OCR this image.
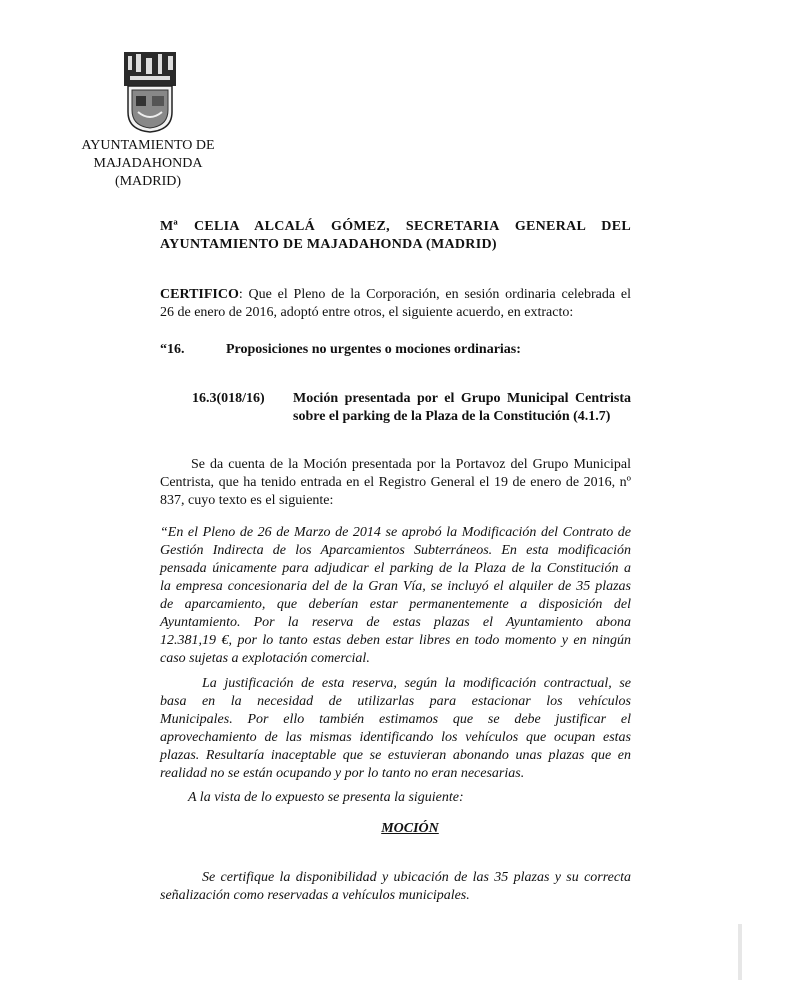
AYUNTAMIENTO DE
MAJADAHONDA
(MADRID)
Mª CELIA ALCALÁ GÓMEZ, SECRETARIA GENERAL DEL
AYUNTAMIENTO DE MAJADAHONDA (MADRID)
CERTIFICO: Que el Pleno de la Corporación, en sesión ordinaria celebrada el
26 de enero de 2016, adoptó entre otros, el siguiente acuerdo, en extracto:
“16.	Proposiciones no urgentes o mociones ordinarias:
16.3(018/16) Moción presentada por el Grupo Municipal Centrista
sobre el parking de la Plaza de la Constitución (4.1.7)
Se da cuenta de la Moción presentada por la Portavoz del Grupo Municipal
Centrista, que ha tenido entrada en el Registro General el 19 de enero de 2016, nº
837, cuyo texto es el siguiente:
“En el Pleno de 26 de Marzo de 2014 se aprobó la Modificación del Contrato de
Gestión Indirecta de los Aparcamientos Subterráneos. En esta modificación
pensada únicamente para adjudicar el parking de la Plaza de la Constitución a
la empresa concesionaria del de la Gran Vía, se incluyó el alquiler de 35 plazas
de aparcamiento, que deberían estar permanentemente a disposición del
Ayuntamiento. Por la reserva de estas plazas el Ayuntamiento abona
12.381,19 €, por lo tanto estas deben estar libres en todo momento y en ningún
caso sujetas a explotación comercial.
La justificación de esta reserva, según la modificación contractual, se
basa en la necesidad de utilizarlas para estacionar los vehículos
Municipales. Por ello también estimamos que se debe justificar el
aprovechamiento de las mismas identificando los vehículos que ocupan estas
plazas. Resultaría inaceptable que se estuvieran abonando unas plazas que en
realidad no se están ocupando y por lo tanto no eran necesarias.
A la vista de lo expuesto se presenta la siguiente:
MOCIÓN
Se certifique la disponibilidad y ubicación de las 35 plazas y su correcta
señalización como reservadas a vehículos municipales.
